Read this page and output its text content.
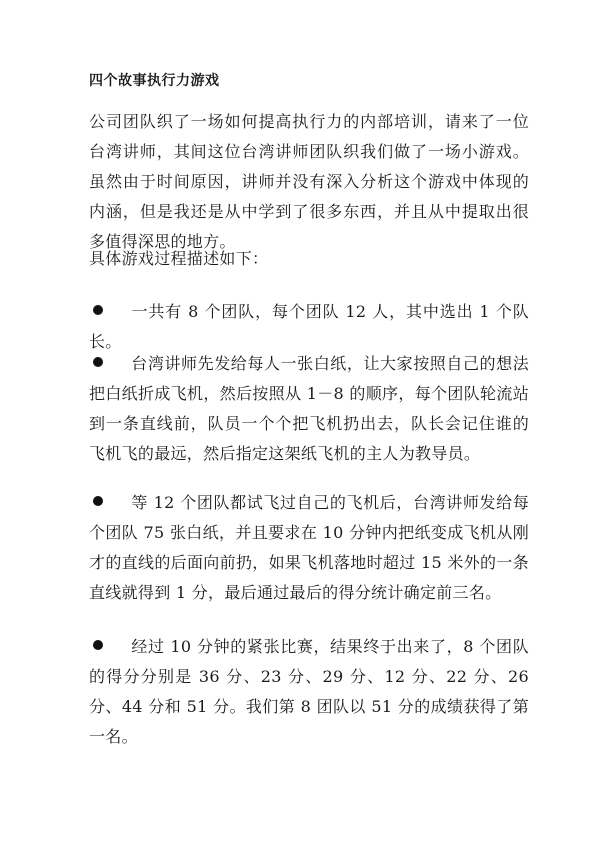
四个故事执行力游戏
公司团队织了一场如何提高执行力的内部培训，请来了一位台湾讲师，其间这位台湾讲师团队织我们做了一场小游戏。虽然由于时间原因，讲师并没有深入分析这个游戏中体现的内涵，但是我还是从中学到了很多东西，并且从中提取出很多值得深思的地方。
具体游戏过程描述如下：
一共有 8 个团队，每个团队 12 人，其中选出 1 个队长。
台湾讲师先发给每人一张白纸，让大家按照自己的想法把白纸折成飞机，然后按照从 1－8 的顺序，每个团队轮流站到一条直线前，队员一个个把飞机扔出去，队长会记住谁的飞机飞的最远，然后指定这架纸飞机的主人为教导员。
等 12 个团队都试飞过自己的飞机后，台湾讲师发给每个团队 75 张白纸，并且要求在 10 分钟内把纸变成飞机从刚才的直线的后面向前扔，如果飞机落地时超过 15 米外的一条直线就得到 1 分，最后通过最后的得分统计确定前三名。
经过 10 分钟的紧张比赛，结果终于出来了，8 个团队的得分分别是 36 分、23 分、29 分、12 分、22 分、26 分、44 分和 51 分。我们第 8 团队以 51 分的成绩获得了第一名。
